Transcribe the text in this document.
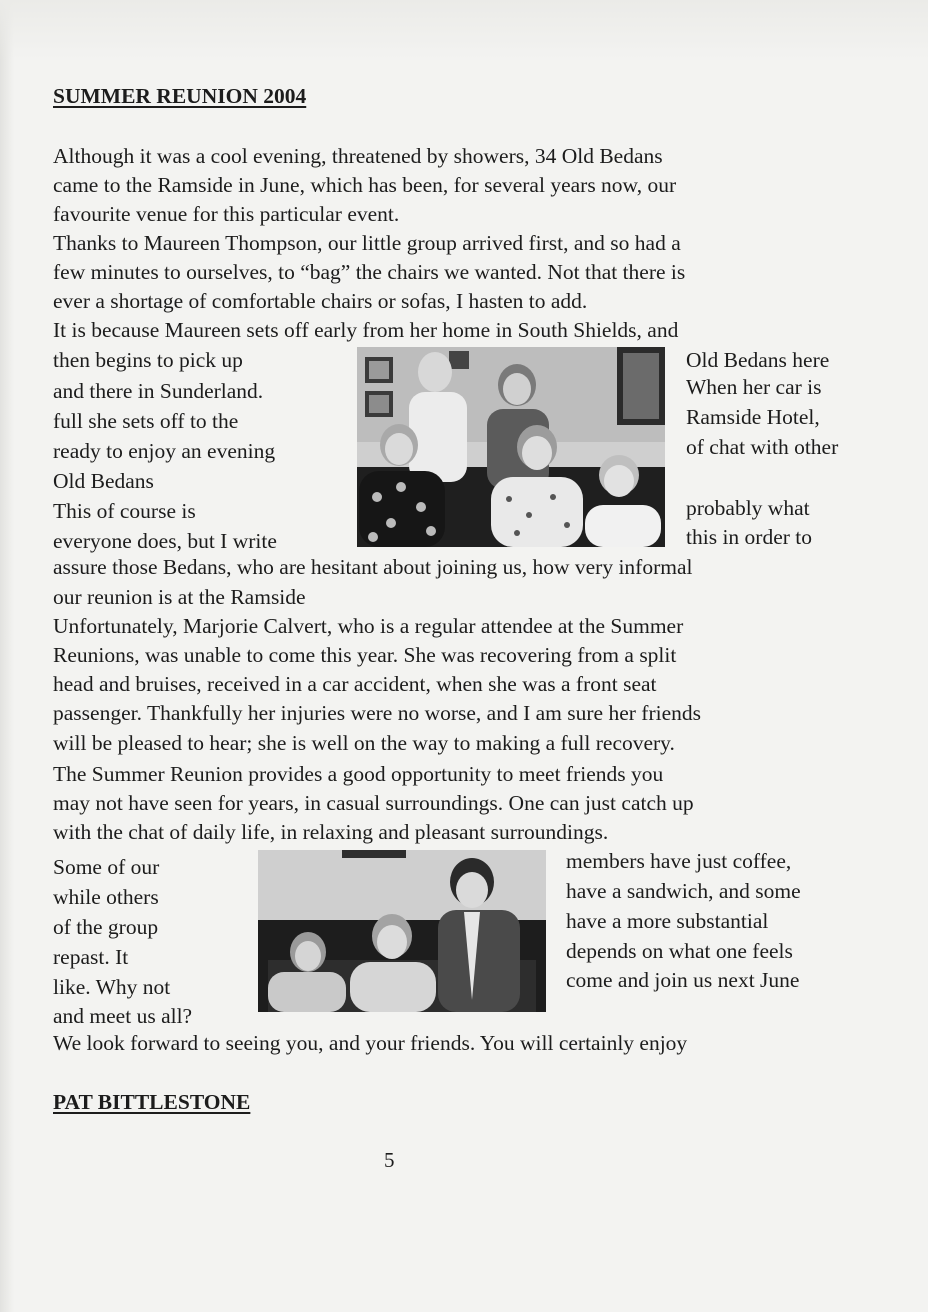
SUMMER REUNION 2004
Although it was a cool evening, threatened by showers, 34 Old Bedans
came to the Ramside in June, which has been, for several years now, our
favourite venue for this particular event.
Thanks to Maureen Thompson, our little group arrived first, and so had a
few minutes to ourselves, to “bag” the chairs we wanted. Not that there is
ever a shortage of comfortable chairs or sofas, I hasten to add.
It is because Maureen sets off early from her home in South Shields, and
then begins to pick up
and there in Sunderland.
full she sets off to the
ready to enjoy an evening
Old Bedans
This of course is
everyone does, but I write
Old Bedans here
When her car is
Ramside Hotel,
of chat with other
probably what
this in order to
assure those Bedans, who are hesitant about joining us, how very informal
our reunion is at the Ramside
Unfortunately, Marjorie Calvert, who is a regular attendee at the Summer
Reunions, was unable to come this year. She was recovering from a split
head and bruises, received in a car accident, when she was a front seat
passenger. Thankfully her injuries were no worse, and I am sure her friends
will be pleased to hear; she is well on the way to making a full recovery.
The Summer Reunion provides a good opportunity to meet friends you
may not have seen for years, in casual surroundings. One can just catch up
with the chat of daily life, in relaxing and pleasant surroundings.
Some of our
while others
of the group
repast. It
like. Why not
and meet us all?
members have just coffee,
have a sandwich, and some
have a more substantial
depends on what one feels
come and join us next June
We look forward to seeing you, and your friends. You will certainly enjoy
PAT BITTLESTONE
5
